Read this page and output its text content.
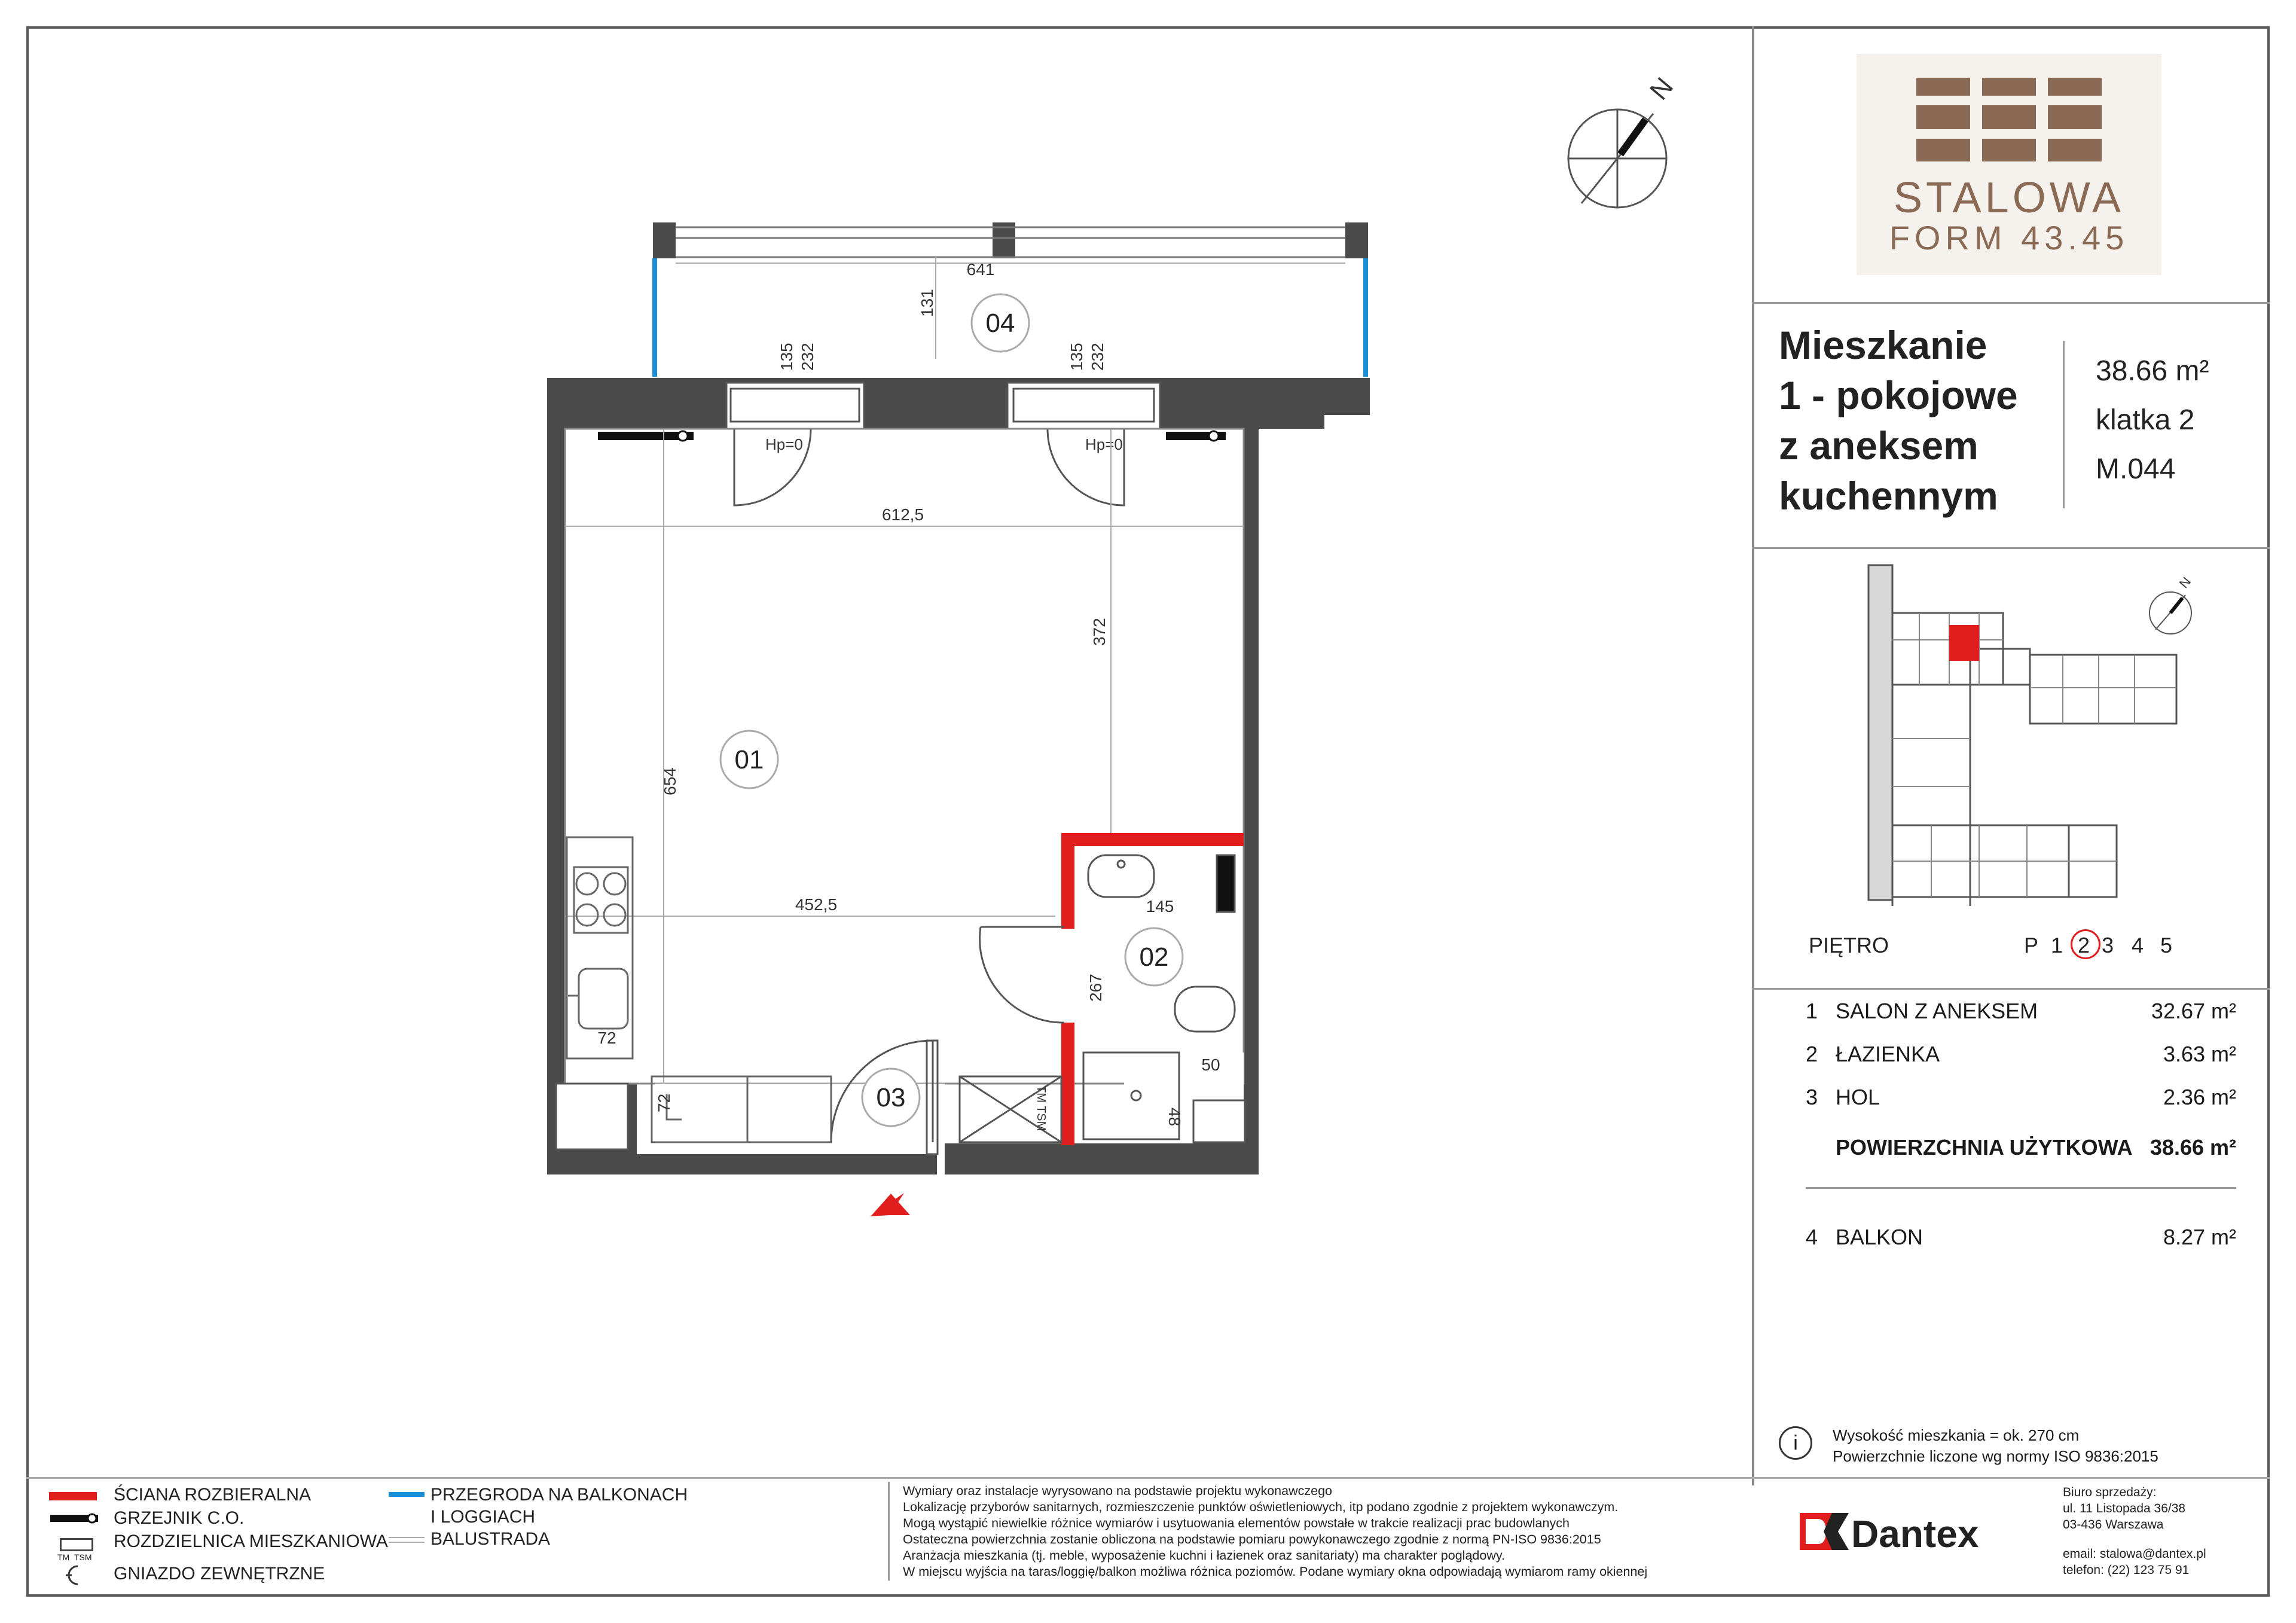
N
Hp=0	Hp=0
641
131
135 232	135 232
612,5
372
654
452,5	145
267
72
72
50
48
TM TSM
01
02
03
04
STALOWA
FORM 43.45
Mieszkanie
1 - pokojowe
z aneksem
kuchennym
38.66 m²
klatka 2
M.044
N
PIĘTRO	P 1 2 3 4 5
1 SALON Z ANEKSEM	32.67 m²
2 ŁAZIENKA	3.63 m²
3 HOL	2.36 m²
POWIERZCHNIA UŻYTKOWA 38.66 m²
4 BALKON	8.27 m²
i	Wysokość mieszkania = ok. 270 cm
Powierzchnie liczone wg normy ISO 9836:2015
ŚCIANA ROZBIERALNA
GRZEJNIK C.O.
TM TSM
ROZDZIELNICA MIESZKANIOWA
GNIAZDO ZEWNĘTRZNE
PRZEGRODA NA BALKONACH
I LOGGIACH
BALUSTRADA
Wymiary oraz instalacje wyrysowano na podstawie projektu wykonawczego
Lokalizację przyborów sanitarnych, rozmieszczenie punktów oświetleniowych, itp podano zgodnie z projektem wykonawczym.
Mogą wystąpić niewielkie różnice wymiarów i usytuowania elementów powstałe w trakcie realizacji prac budowlanych
Ostateczna powierzchnia zostanie obliczona na podstawie pomiaru powykonawczego zgodnie z normą PN-ISO 9836:2015
Aranżacja mieszkania (tj. meble, wyposażenie kuchni i łazienek oraz sanitariaty) ma charakter poglądowy.
W miejscu wyjścia na taras/loggię/balkon możliwa różnica poziomów. Podane wymiary okna odpowiadają wymiarom ramy okiennej
Dantex
Biuro sprzedaży:
ul. 11 Listopada 36/38
03-436 Warszawa
email: stalowa@dantex.pl
telefon: (22) 123 75 91
